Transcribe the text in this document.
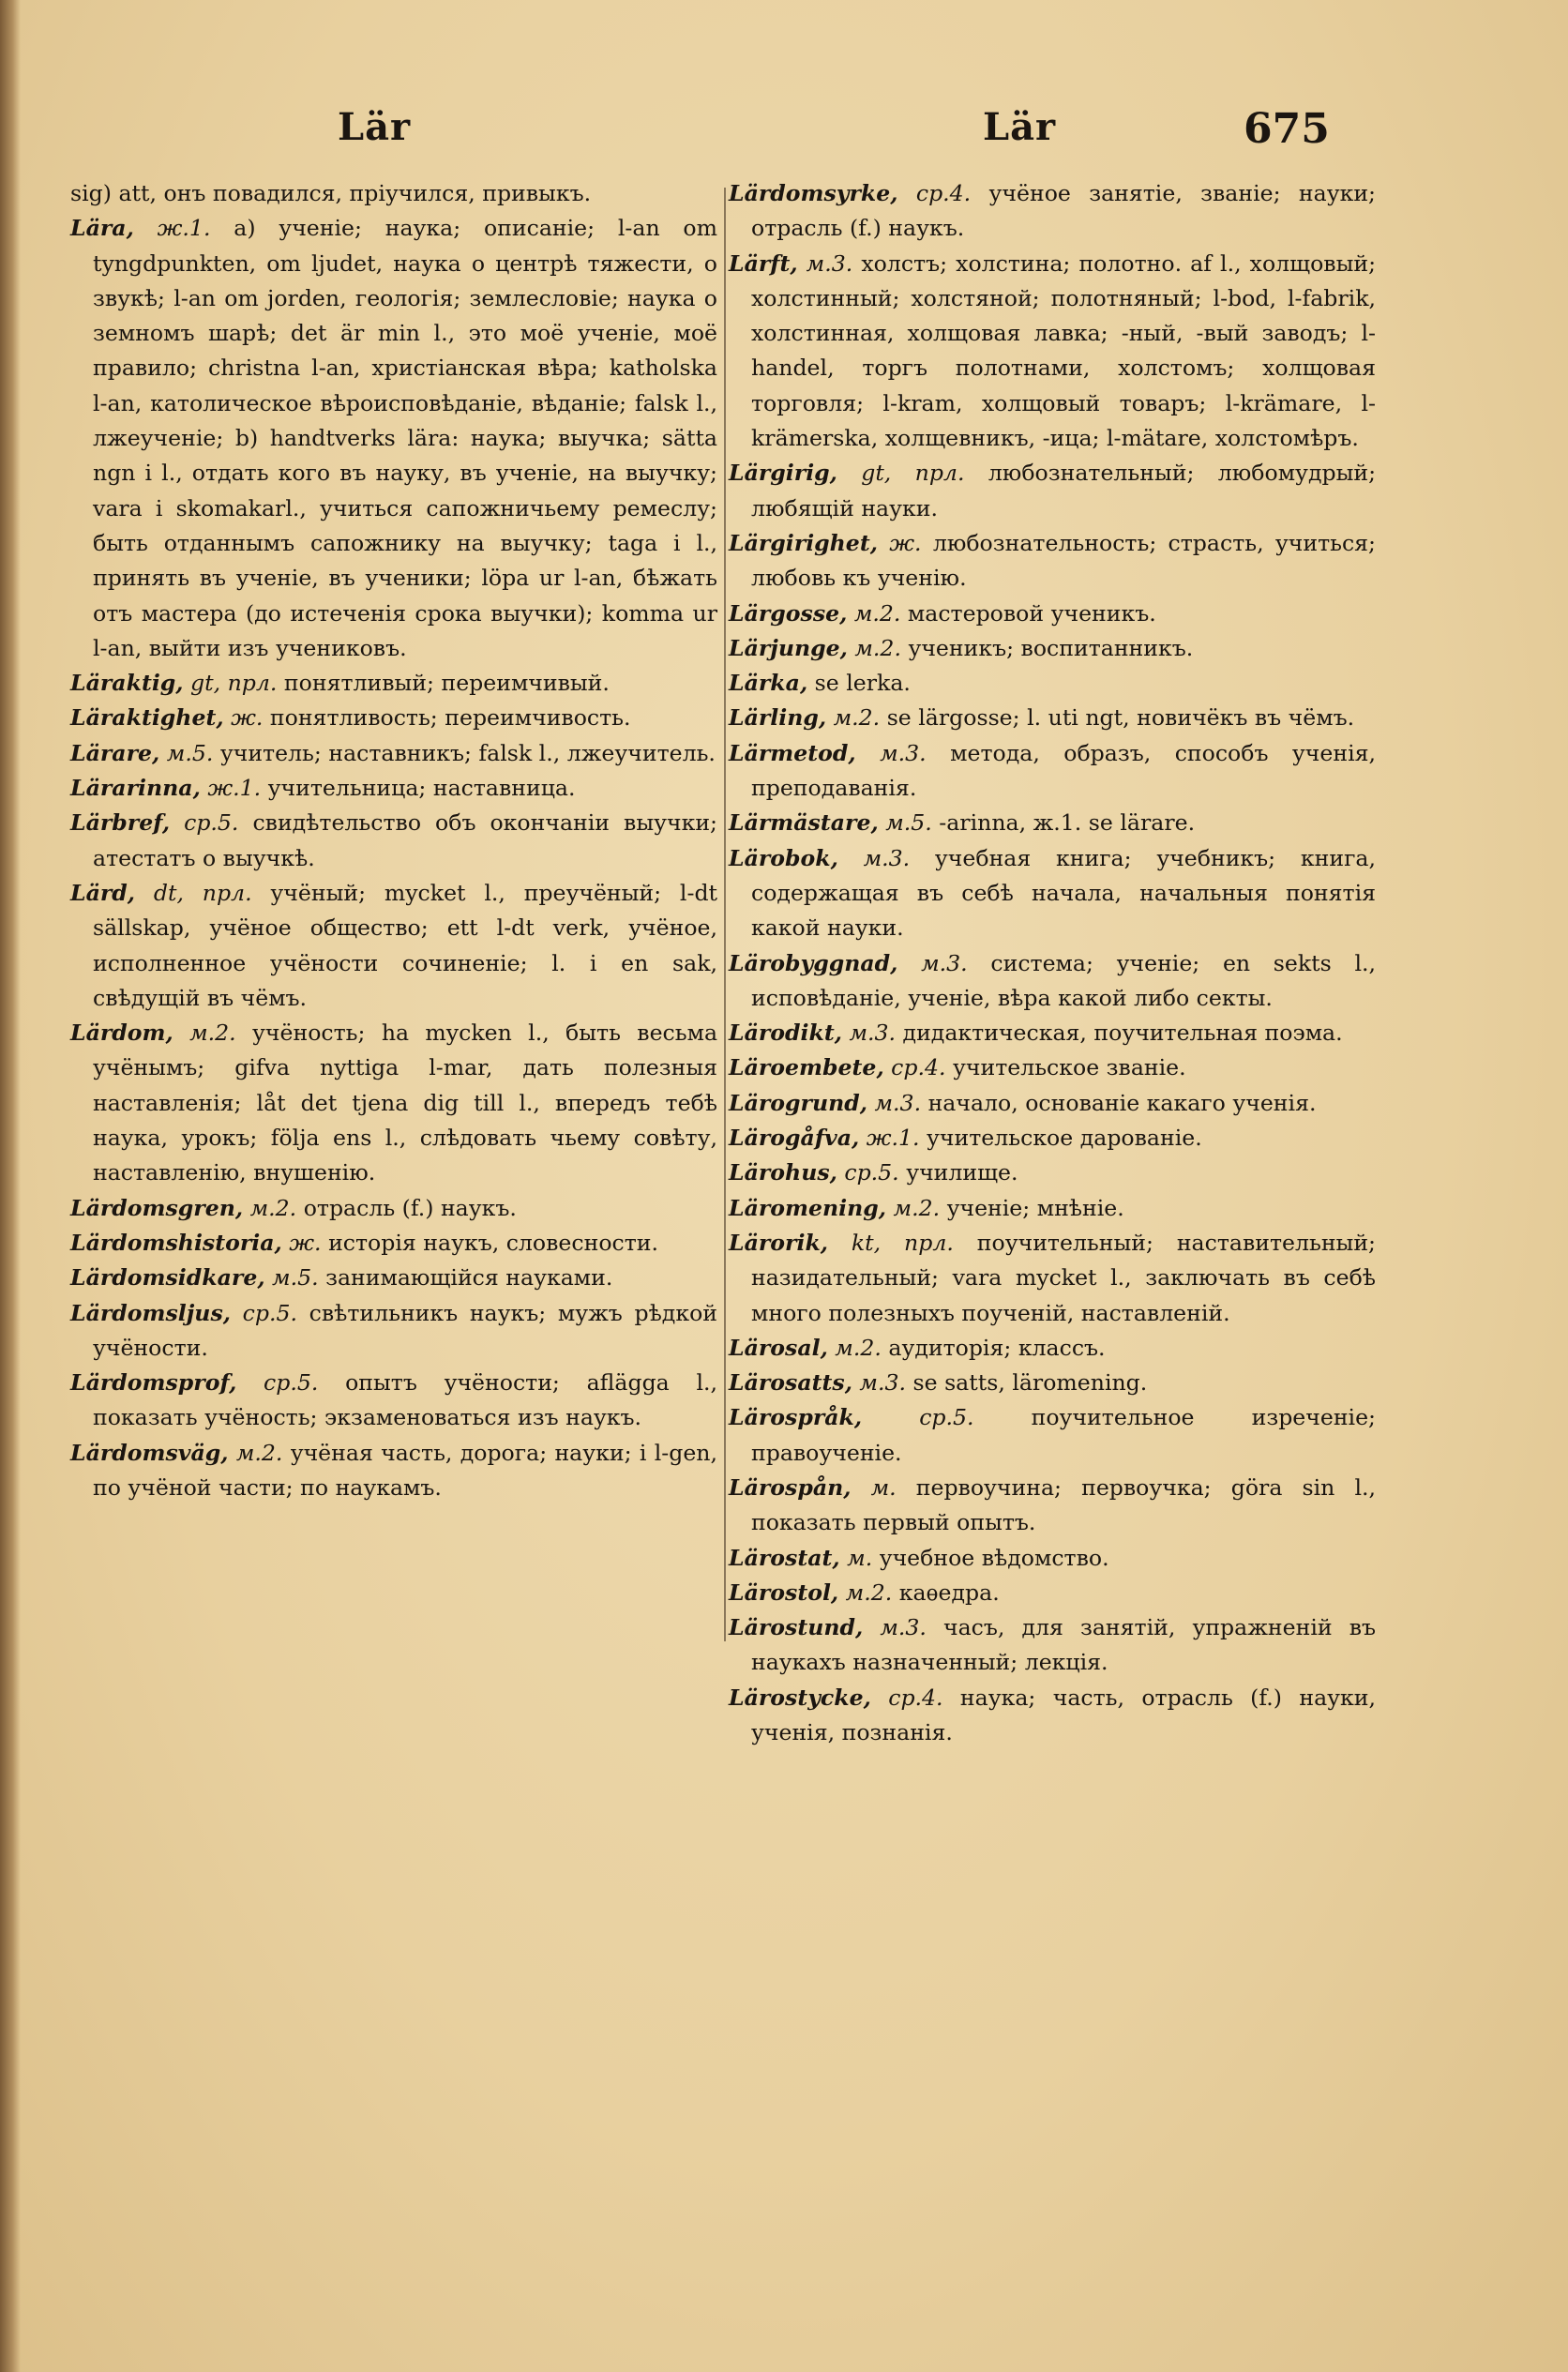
Lär	Lär	675

sig) att, онъ повадился, пріучился, привыкъ.

Lära, ж.1. a) ученіе; наука; описаніе; l-an om tyngdpunkten, om ljudet, наука о центрѣ тяжести, о звукѣ; l-an om jorden, геологія; землесловіе; наука о земномъ шарѣ; det är min l., это моё ученіе, моё правило; christna l-an, христіанская вѣра; katholska l-an, католическое вѣроисповѣданіе, вѣданіе; falsk l., лжеученіе; b) handtverks lära: наука; выучка; sätta ngn i l., отдать кого въ науку, въ ученіе, на выучку; vara i skomakarl., учиться сапожничьему ремеслу; быть отданнымъ сапожнику на выучку; taga i l., принять въ ученіе, въ ученики; löpa ur l-an, бѣжать отъ мастера (до истеченія срока выучки); komma ur l-an, выйти изъ учениковъ.

Läraktig, gt, прл. понятливый; переимчивый.

Läraktighet, ж. понятливость; переимчивость.

Lärare, м.5. учитель; наставникъ; falsk l., лжеучитель.

Lärarinna, ж.1. учительница; наставница.

Lärbref, ср.5. свидѣтельство объ окончаніи выучки; атестатъ о выучкѣ.

Lärd, dt, прл. учёный; mycket l., преучёный; l-dt sällskap, учёное общество; ett l-dt verk, учёное, исполненное учёности сочиненіе; l. i en sak, свѣдущій въ чёмъ.

Lärdom, м.2. учёность; ha mycken l., быть весьма учёнымъ; gifva nyttiga l-mar, дать полезныя наставленія; låt det tjena dig till l., впередъ тебѣ наука, урокъ; följa ens l., слѣдовать чьему совѣту, наставленію, внушенію.

Lärdomsgren, м.2. отрасль (f.) наукъ.

Lärdomshistoria, ж. исторія наукъ, словесности.

Lärdomsidkare, м.5. занимающійся науками.

Lärdomsljus, ср.5. свѣтильникъ наукъ; мужъ рѣдкой учёности.

Lärdomsprof, ср.5. опытъ учёности; aflägga l., показать учёность; экзаменоваться изъ наукъ.

Lärdomsväg, м.2. учёная часть, дорога; науки; i l-gen, по учёной части; по наукамъ.

Lärdomsyrke, ср.4. учёное занятіе, званіе; науки; отрасль (f.) наукъ.

Lärft, м.3. холстъ; холстина; полотно. af l., холщовый; холстинный; холстяной; полотняный; l-bod, l-fabrik, холстинная, холщовая лавка; -ный, -вый заводъ; l-handel, торгъ полотнами, холстомъ; холщовая торговля; l-kram, холщовый товаръ; l-krämare, l-krämerska, холщевникъ, -ица; l-mätare, холстомѣръ.

Lärgirig, gt, прл. любознательный; любомудрый; любящій науки.

Lärgirighet, ж. любознательность; страсть, учиться; любовь къ ученію.

Lärgosse, м.2. мастеровой ученикъ.

Lärjunge, м.2. ученикъ; воспитанникъ.

Lärka, se lerka.

Lärling, м.2. se lärgosse; l. uti ngt, новичёкъ въ чёмъ.

Lärmetod, м.3. метода, образъ, способъ ученія, преподаванія.

Lärmästare, м.5. -arinna, ж.1. se lärare.

Lärobok, м.3. учебная книга; учебникъ; книга, содержащая въ себѣ начала, начальныя понятія какой науки.

Lärobyggnad, м.3. система; ученіе; en sekts l., исповѣданіе, ученіе, вѣра какой либо секты.

Lärodikt, м.3. дидактическая, поучительная поэма.

Läroembete, ср.4. учительское званіе.

Lärogrund, м.3. начало, основаніе какаго ученія.

Lärogåfva, ж.1. учительское дарованіе.

Lärohus, ср.5. училище.

Läromening, м.2. ученіе; мнѣніе.

Lärorik, kt, прл. поучительный; наставительный; назидательный; vara mycket l., заключать въ себѣ много полезныхъ поученій, наставленій.

Lärosal, м.2. аудиторія; классъ.

Lärosatts, м.3. se satts, läromening.

Lärospråk,	ср.5.	поучительное изреченіе; правоученіе.

Lärospån, м. первоучина; первоучка; göra sin l., показать первый опытъ.

Lärostat, м. учебное вѣдомство.

Lärostol, м.2. каѳедра.

Lärostund, м.3. часъ, для занятій, упражненій въ наукахъ назначенный; лекція.

Lärostycke, ср.4. наука; часть, отрасль (f.) науки, ученія, познанія.
